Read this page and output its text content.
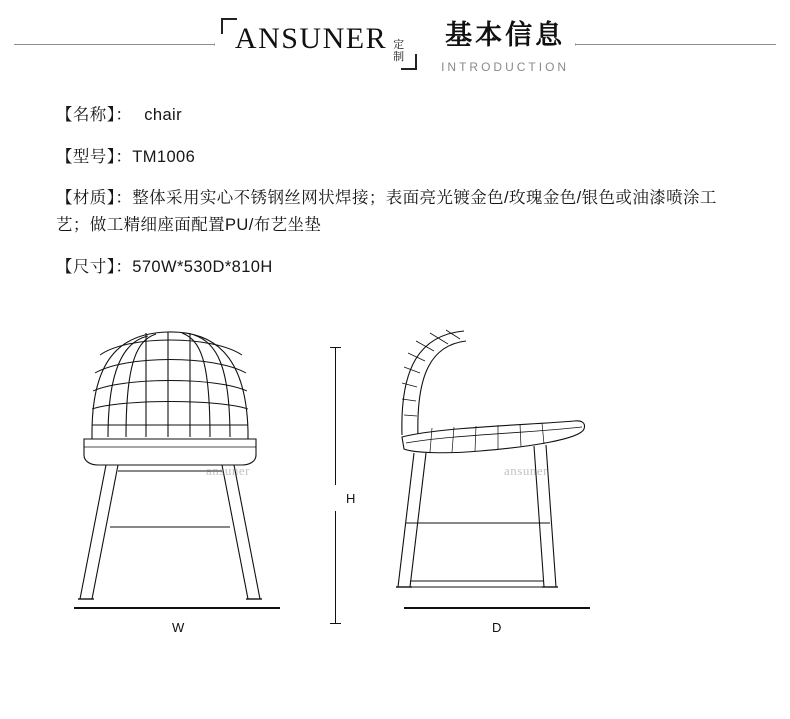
ANSUNER 定制
基本信息
INTRODUCTION
【名称】： chair
【型号】：TM1006
【材质】：整体采用实心不锈钢丝网状焊接；表面亮光镀金色/玫瑰金色/银色或油漆喷涂工艺；做工精细座面配置PU/布艺坐垫
【尺寸】：570W*530D*810H
ansuner	ansuner
H
W	D
